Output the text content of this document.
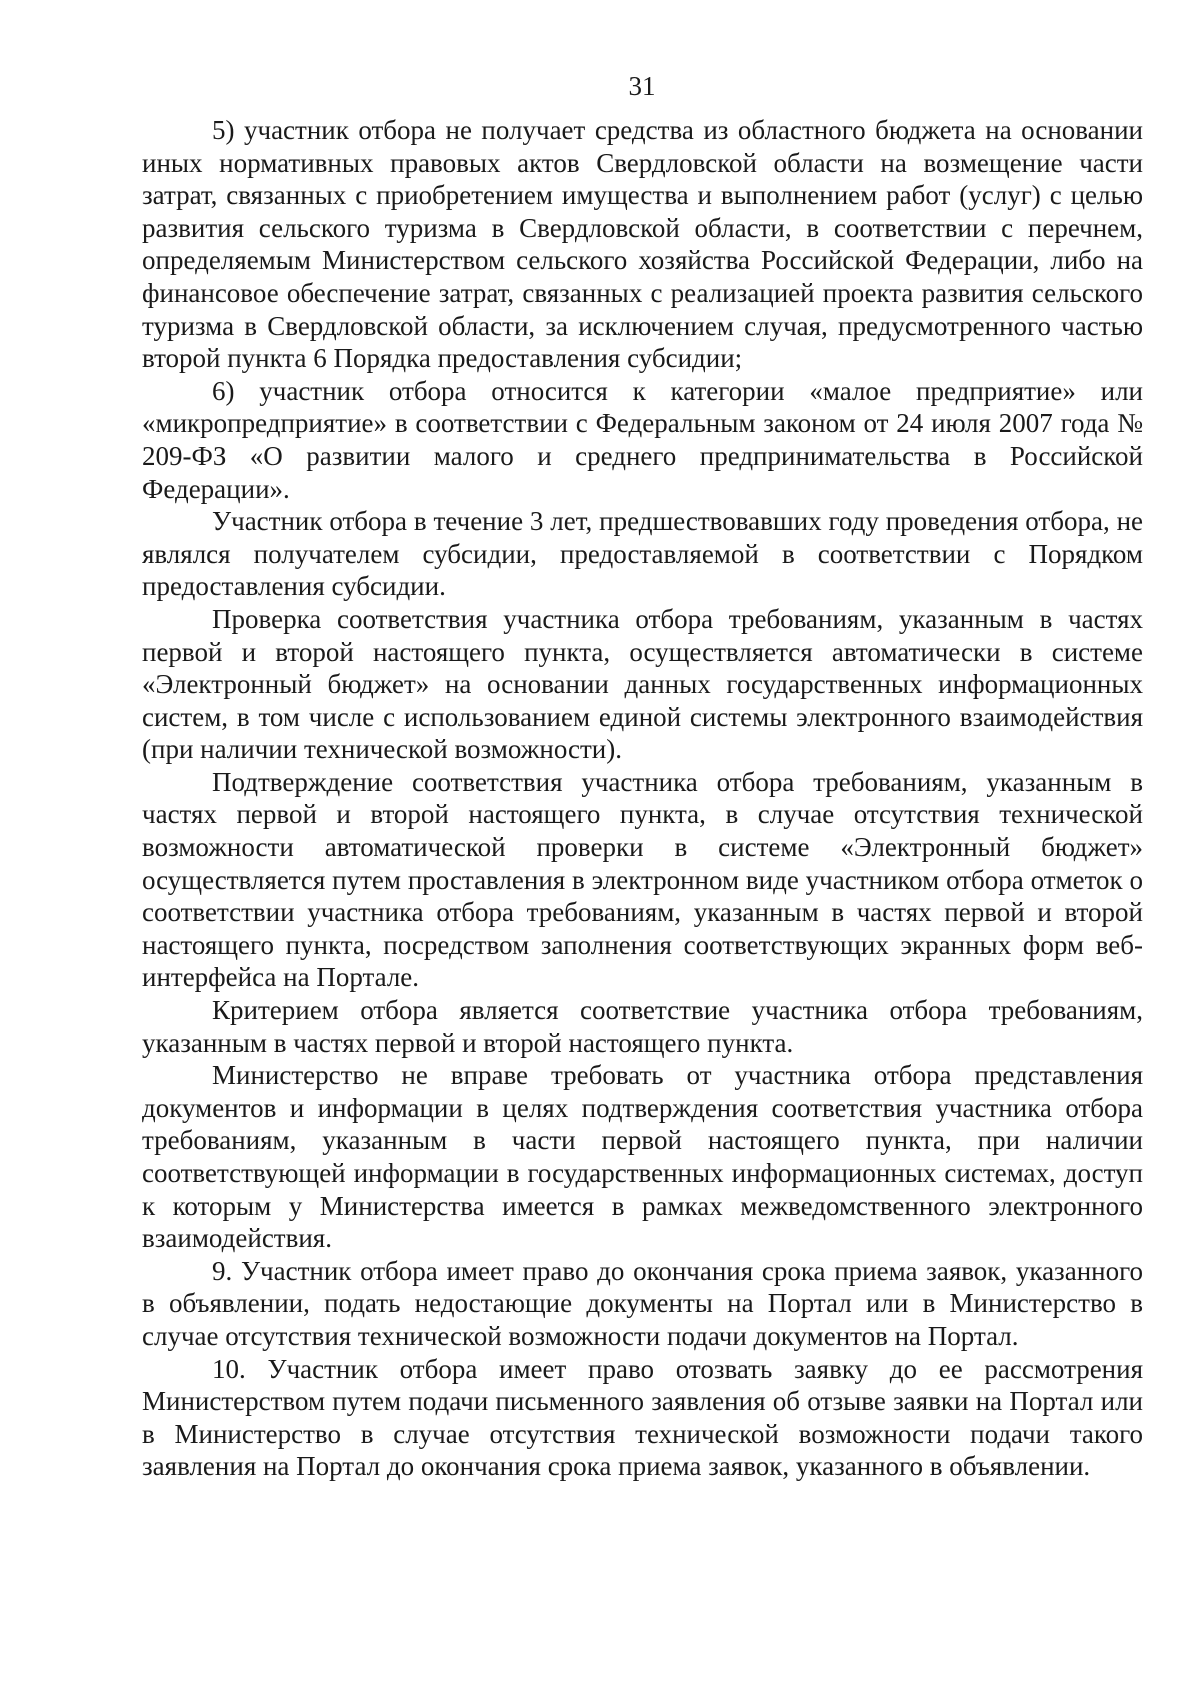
31

5) участник отбора не получает средства из областного бюджета на основании иных нормативных правовых актов Свердловской области на возмещение части затрат, связанных с приобретением имущества и выполнением работ (услуг) с целью развития сельского туризма в Свердловской области, в соответствии с перечнем, определяемым Министерством сельского хозяйства Российской Федерации, либо на финансовое обеспечение затрат, связанных с реализацией проекта развития сельского туризма в Свердловской области, за исключением случая, предусмотренного частью второй пункта 6 Порядка предоставления субсидии;

6) участник отбора относится к категории «малое предприятие» или «микропредприятие» в соответствии с Федеральным законом от 24 июля 2007 года № 209-ФЗ «О развитии малого и среднего предпринимательства в Российской Федерации».

Участник отбора в течение 3 лет, предшествовавших году проведения отбора, не являлся получателем субсидии, предоставляемой в соответствии с Порядком предоставления субсидии.

Проверка соответствия участника отбора требованиям, указанным в частях первой и второй настоящего пункта, осуществляется автоматически в системе «Электронный бюджет» на основании данных государственных информационных систем, в том числе с использованием единой системы электронного взаимодействия (при наличии технической возможности).

Подтверждение соответствия участника отбора требованиям, указанным в частях первой и второй настоящего пункта, в случае отсутствия технической возможности автоматической проверки в системе «Электронный бюджет» осуществляется путем проставления в электронном виде участником отбора отметок о соответствии участника отбора требованиям, указанным в частях первой и второй настоящего пункта, посредством заполнения соответствующих экранных форм веб-интерфейса на Портале.

Критерием отбора является соответствие участника отбора требованиям, указанным в частях первой и второй настоящего пункта.

Министерство не вправе требовать от участника отбора представления документов и информации в целях подтверждения соответствия участника отбора требованиям, указанным в части первой настоящего пункта, при наличии соответствующей информации в государственных информационных системах, доступ к которым у Министерства имеется в рамках межведомственного электронного взаимодействия.

9. Участник отбора имеет право до окончания срока приема заявок, указанного в объявлении, подать недостающие документы на Портал или в Министерство в случае отсутствия технической возможности подачи документов на Портал.

10. Участник отбора имеет право отозвать заявку до ее рассмотрения Министерством путем подачи письменного заявления об отзыве заявки на Портал или в Министерство в случае отсутствия технической возможности подачи такого заявления на Портал до окончания срока приема заявок, указанного в объявлении.
